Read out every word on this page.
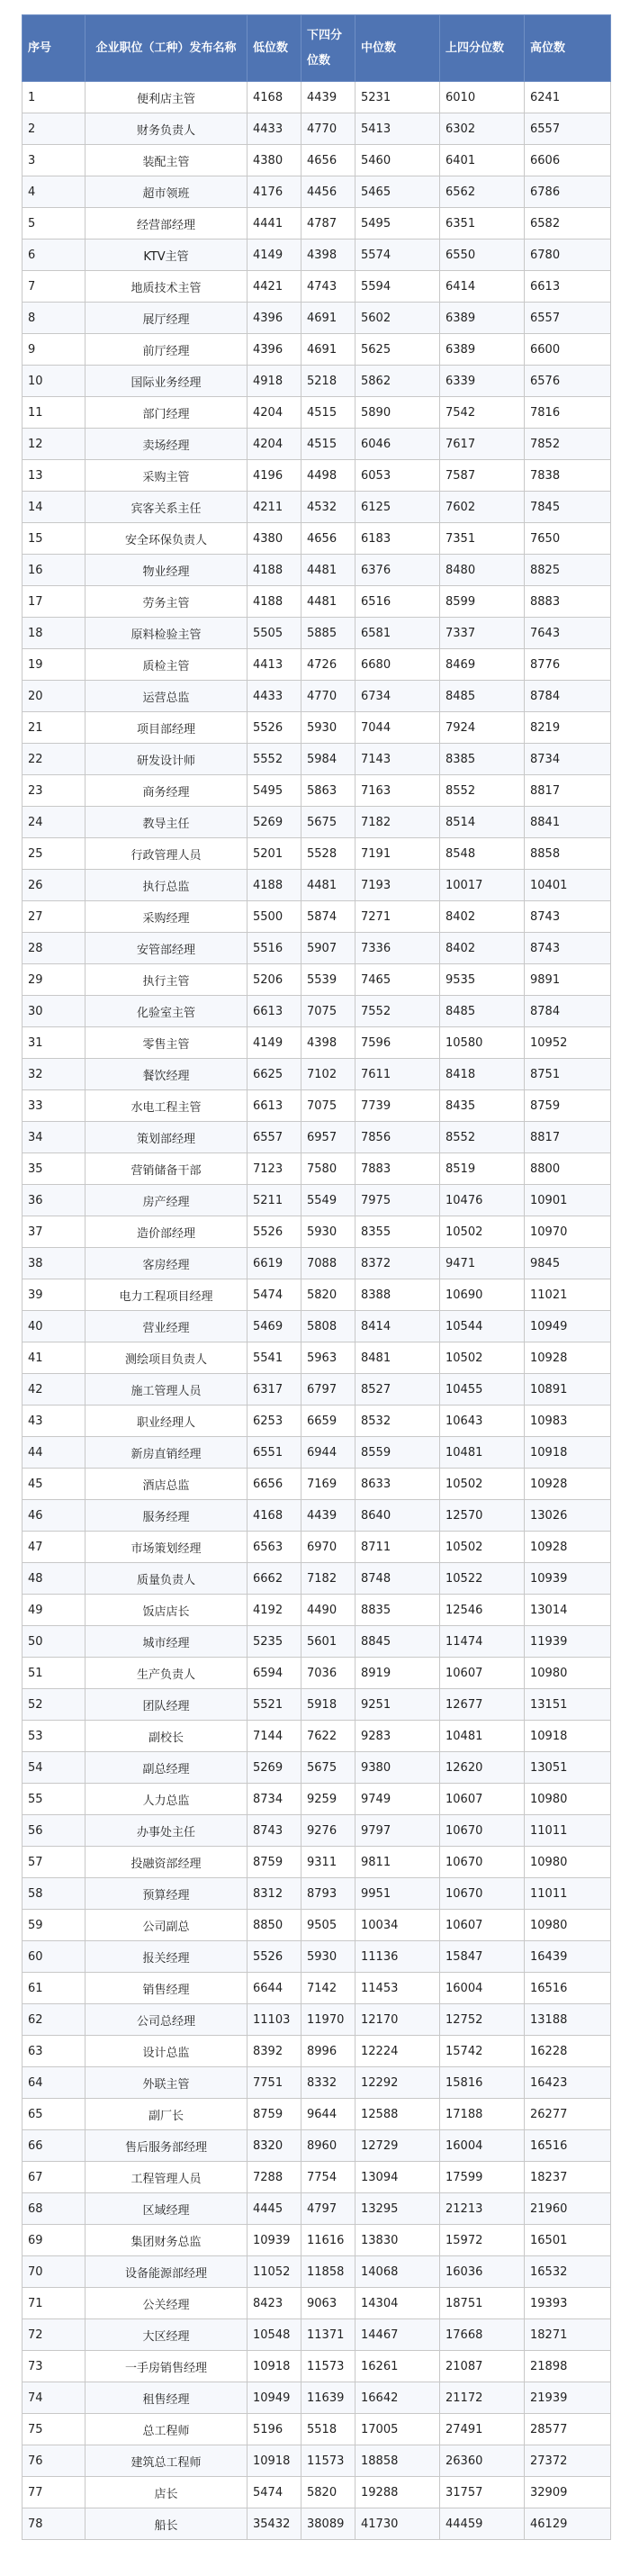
序号	企业职位（工种）发布名称	低位数	下四分位数	中位数	上四分位数	高位数
1	便利店主管	4168	4439	5231	6010	6241
2	财务负责人	4433	4770	5413	6302	6557
3	装配主管	4380	4656	5460	6401	6606
4	超市领班	4176	4456	5465	6562	6786
5	经营部经理	4441	4787	5495	6351	6582
6	KTV主管	4149	4398	5574	6550	6780
7	地质技术主管	4421	4743	5594	6414	6613
8	展厅经理	4396	4691	5602	6389	6557
9	前厅经理	4396	4691	5625	6389	6600
10	国际业务经理	4918	5218	5862	6339	6576
11	部门经理	4204	4515	5890	7542	7816
12	卖场经理	4204	4515	6046	7617	7852
13	采购主管	4196	4498	6053	7587	7838
14	宾客关系主任	4211	4532	6125	7602	7845
15	安全环保负责人	4380	4656	6183	7351	7650
16	物业经理	4188	4481	6376	8480	8825
17	劳务主管	4188	4481	6516	8599	8883
18	原料检验主管	5505	5885	6581	7337	7643
19	质检主管	4413	4726	6680	8469	8776
20	运营总监	4433	4770	6734	8485	8784
21	项目部经理	5526	5930	7044	7924	8219
22	研发设计师	5552	5984	7143	8385	8734
23	商务经理	5495	5863	7163	8552	8817
24	教导主任	5269	5675	7182	8514	8841
25	行政管理人员	5201	5528	7191	8548	8858
26	执行总监	4188	4481	7193	10017	10401
27	采购经理	5500	5874	7271	8402	8743
28	安管部经理	5516	5907	7336	8402	8743
29	执行主管	5206	5539	7465	9535	9891
30	化验室主管	6613	7075	7552	8485	8784
31	零售主管	4149	4398	7596	10580	10952
32	餐饮经理	6625	7102	7611	8418	8751
33	水电工程主管	6613	7075	7739	8435	8759
34	策划部经理	6557	6957	7856	8552	8817
35	营销储备干部	7123	7580	7883	8519	8800
36	房产经理	5211	5549	7975	10476	10901
37	造价部经理	5526	5930	8355	10502	10970
38	客房经理	6619	7088	8372	9471	9845
39	电力工程项目经理	5474	5820	8388	10690	11021
40	营业经理	5469	5808	8414	10544	10949
41	测绘项目负责人	5541	5963	8481	10502	10928
42	施工管理人员	6317	6797	8527	10455	10891
43	职业经理人	6253	6659	8532	10643	10983
44	新房直销经理	6551	6944	8559	10481	10918
45	酒店总监	6656	7169	8633	10502	10928
46	服务经理	4168	4439	8640	12570	13026
47	市场策划经理	6563	6970	8711	10502	10928
48	质量负责人	6662	7182	8748	10522	10939
49	饭店店长	4192	4490	8835	12546	13014
50	城市经理	5235	5601	8845	11474	11939
51	生产负责人	6594	7036	8919	10607	10980
52	团队经理	5521	5918	9251	12677	13151
53	副校长	7144	7622	9283	10481	10918
54	副总经理	5269	5675	9380	12620	13051
55	人力总监	8734	9259	9749	10607	10980
56	办事处主任	8743	9276	9797	10670	11011
57	投融资部经理	8759	9311	9811	10670	10980
58	预算经理	8312	8793	9951	10670	11011
59	公司副总	8850	9505	10034	10607	10980
60	报关经理	5526	5930	11136	15847	16439
61	销售经理	6644	7142	11453	16004	16516
62	公司总经理	11103	11970	12170	12752	13188
63	设计总监	8392	8996	12224	15742	16228
64	外联主管	7751	8332	12292	15816	16423
65	副厂长	8759	9644	12588	17188	26277
66	售后服务部经理	8320	8960	12729	16004	16516
67	工程管理人员	7288	7754	13094	17599	18237
68	区域经理	4445	4797	13295	21213	21960
69	集团财务总监	10939	11616	13830	15972	16501
70	设备能源部经理	11052	11858	14068	16036	16532
71	公关经理	8423	9063	14304	18751	19393
72	大区经理	10548	11371	14467	17668	18271
73	一手房销售经理	10918	11573	16261	21087	21898
74	租售经理	10949	11639	16642	21172	21939
75	总工程师	5196	5518	17005	27491	28577
76	建筑总工程师	10918	11573	18858	26360	27372
77	店长	5474	5820	19288	31757	32909
78	船长	35432	38089	41730	44459	46129
